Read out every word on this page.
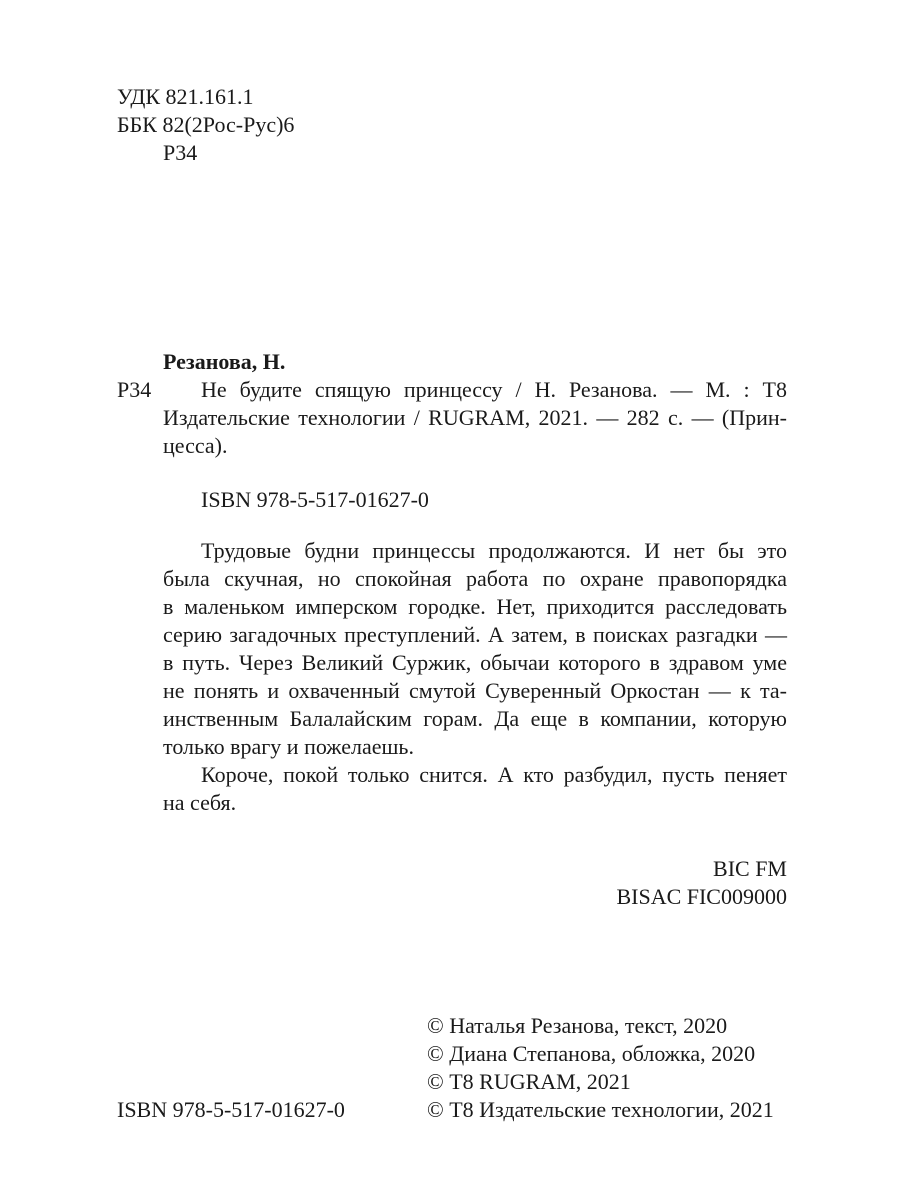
УДК 821.161.1
ББК 82(2Рос-Рус)6
Р34
Резанова, Н.
Р34	Не будите спящую принцессу / Н. Резанова. — М. : Т8
Издательские технологии / RUGRAM, 2021. — 282 с. — (Прин-
цесса).
ISBN 978-5-517-01627-0
Трудовые будни принцессы продолжаются. И нет бы это
была скучная, но спокойная работа по охране правопорядка
в маленьком имперском городке. Нет, приходится расследовать
серию загадочных преступлений. А затем, в поисках разгадки —
в путь. Через Великий Суржик, обычаи которого в здравом уме
не понять и охваченный смутой Суверенный Оркостан — к та-
инственным Балалайским горам. Да еще в компании, которую
только врагу и пожелаешь.
Короче, покой только снится. А кто разбудил, пусть пеняет
на себя.
BIC FM
BISAC FIC009000
© Наталья Резанова, текст, 2020
© Диана Степанова, обложка, 2020
© Т8 RUGRAM, 2021
© Т8 Издательские технологии, 2021
ISBN 978-5-517-01627-0
